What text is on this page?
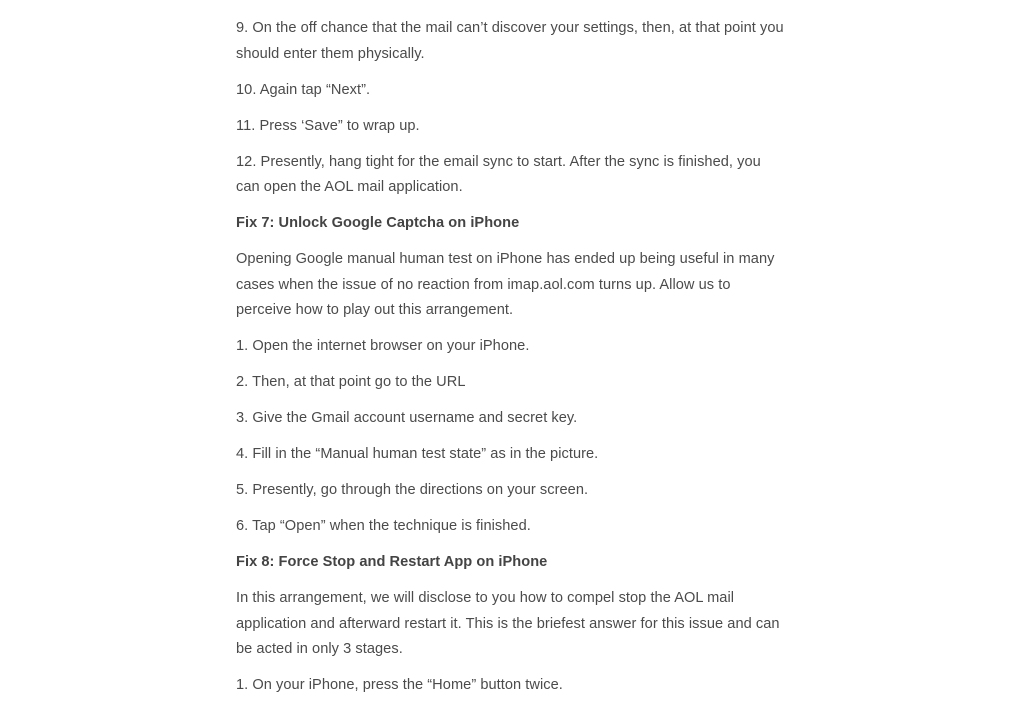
9. On the off chance that the mail can’t discover your settings, then, at that point you should enter them physically.

10. Again tap “Next”.

11. Press ‘Save” to wrap up.

12. Presently, hang tight for the email sync to start. After the sync is finished, you can open the AOL mail application.

Fix 7: Unlock Google Captcha on iPhone

Opening Google manual human test on iPhone has ended up being useful in many cases when the issue of no reaction from imap.aol.com turns up. Allow us to perceive how to play out this arrangement.

1. Open the internet browser on your iPhone.

2. Then, at that point go to the URL

3. Give the Gmail account username and secret key.

4. Fill in the “Manual human test state” as in the picture.

5. Presently, go through the directions on your screen.

6. Tap “Open” when the technique is finished.

Fix 8: Force Stop and Restart App on iPhone

In this arrangement, we will disclose to you how to compel stop the AOL mail application and afterward restart it. This is the briefest answer for this issue and can be acted in only 3 stages.

1. On your iPhone, press the “Home” button twice.
